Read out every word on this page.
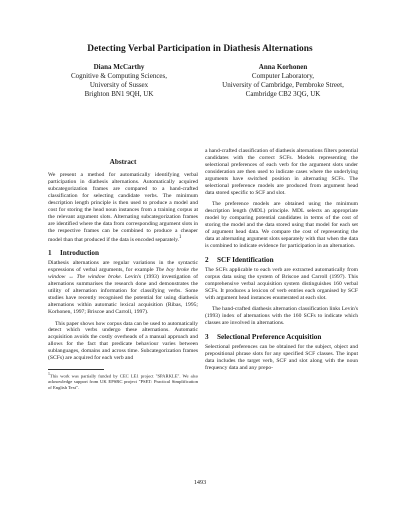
Detecting Verbal Participation in Diathesis Alternations
Diana McCarthy
Cognitive & Computing Sciences,
University of Sussex
Brighton BN1 9QH, UK
Anna Korhonen
Computer Laboratory,
University of Cambridge, Pembroke Street,
Cambridge CB2 3QG, UK
Abstract

We present a method for automatically identifying verbal participation in diathesis alternations. Automatically acquired subcategorization frames are compared to a hand-crafted classification for selecting candidate verbs. The minimum description length principle is then used to produce a model and cost for storing the head noun instances from a training corpus at the relevant argument slots. Alternating subcategorization frames are identified where the data from corresponding argument slots in the respective frames can be combined to produce a cheaper model than that produced if the data is encoded separately.$^1$

1 Introduction

Diathesis alternations are regular variations in the syntactic expressions of verbal arguments, for example The boy broke the window ↔ The window broke. Levin's (1993) investigation of alternations summarises the research done and demonstrates the utility of alternation information for classifying verbs. Some studies have recently recognised the potential for using diathesis alternations within automatic lexical acquisition (Ribas, 1995; Korhonen, 1997; Briscoe and Carroll, 1997).

This paper shows how corpus data can be used to automatically detect which verbs undergo these alternations. Automatic acquisition avoids the costly overheads of a manual approach and allows for the fact that predicate behaviour varies between sublanguages, domains and across time. Subcategorization frames (SCFs) are acquired for each verb and

$^1$This work was partially funded by CEC LE1 project "SPARKLE". We also acknowledge support from UK EPSRC project "PSET: Practical Simplification of English Text".

a hand-crafted classification of diathesis alternations filters potential candidates with the correct SCFs. Models representing the selectional preferences of each verb for the argument slots under consideration are then used to indicate cases where the underlying arguments have switched position in alternating SCFs. The selectional preference models are produced from argument head data stored specific to SCF and slot.

The preference models are obtained using the minimum description length (MDL) principle. MDL selects an appropriate model by comparing potential candidates in terms of the cost of storing the model and the data stored using that model for each set of argument head data. We compare the cost of representing the data at alternating argument slots separately with that when the data is combined to indicate evidence for participation in an alternation.

2 SCF Identification

The SCFs applicable to each verb are extracted automatically from corpus data using the system of Briscoe and Carroll (1997). This comprehensive verbal acquisition system distinguishes 160 verbal SCFs. It produces a lexicon of verb entries each organised by SCF with argument head instances enumerated at each slot.

The hand-crafted diathesis alternation classification links Levin's (1993) index of alternations with the 160 SCFs to indicate which classes are involved in alternations.

3 Selectional Preference Acquisition

Selectional preferences can be obtained for the subject, object and prepositional phrase slots for any specified SCF classes. The input data includes the target verb, SCF and slot along with the noun frequency data and any prepo-

1493
